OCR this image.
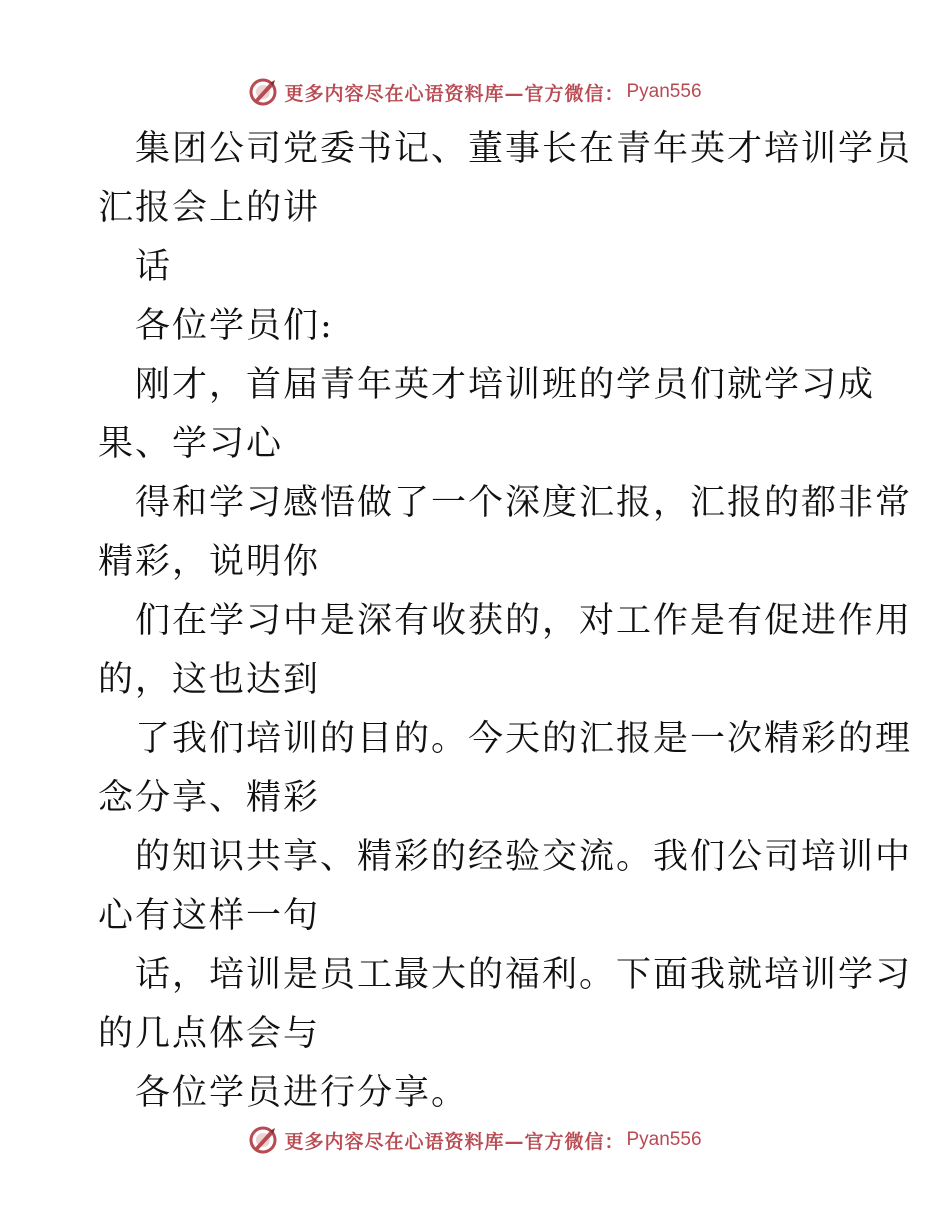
更多内容尽在心语资料库—官方微信： Pyan556
集团公司党委书记、董事长在青年英才培训学员
汇报会上的讲
话
各位学员们:
刚才，首届青年英才培训班的学员们就学习成
果、学习心
得和学习感悟做了一个深度汇报，汇报的都非常
精彩，说明你
们在学习中是深有收获的，对工作是有促进作用
的，这也达到
了我们培训的目的。今天的汇报是一次精彩的理
念分享、精彩
的知识共享、精彩的经验交流。我们公司培训中
心有这样一句
话，培训是员工最大的福利。下面我就培训学习
的几点体会与
各位学员进行分享。
更多内容尽在心语资料库—官方微信： Pyan556
